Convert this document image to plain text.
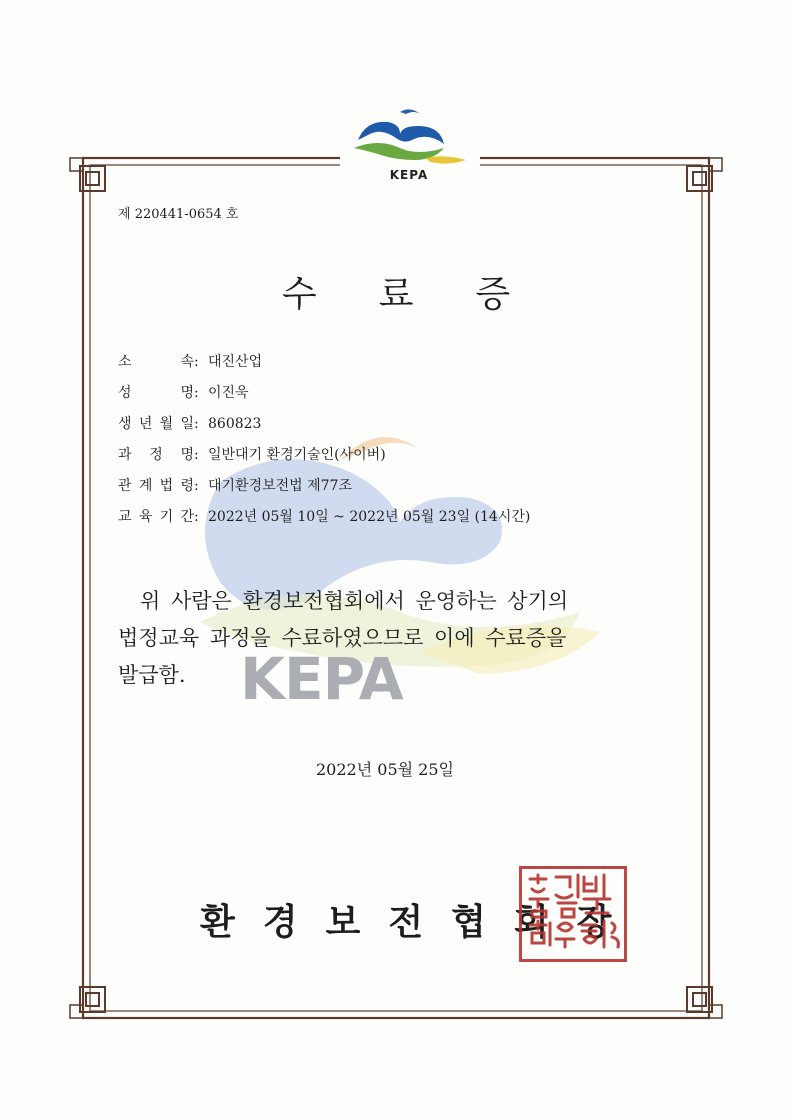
KEPA
KEPA
제 220441-0654 호
수료증
소	속 : 대진산업
성	명 : 이진욱
생 년 월 일 : 860823
과 정 명 : 일반대기 환경기술인(사이버)
관 계 법 령 : 대기환경보전법 제77조
교 육 기 간 : 2022년 05월 10일 ~ 2022년 05월 23일 (14시간)
위 사람은 환경보전협회에서 운영하는 상기의
법정교육 과정을 수료하였으므로 이에 수료증을
발급함.
2022년 05월 25일
환경보전협회장
